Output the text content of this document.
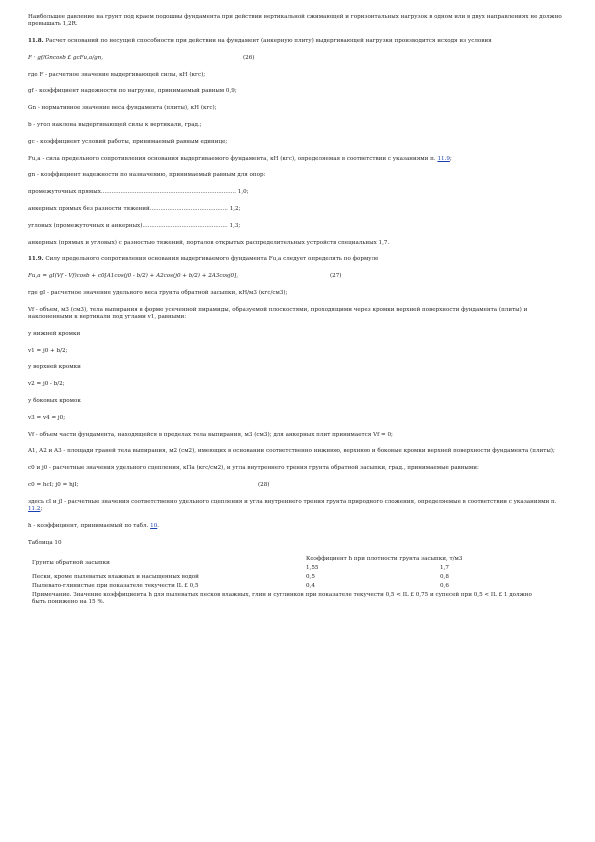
Наибольшее давление на грунт под краем подошвы фундамента при действии вертикальной сжимающей и горизонтальных нагрузок в одном или в двух направлениях не должно превышать 1,2R.
11.8. Расчет оснований по несущей способности при действии на фундамент (анкерную плиту) выдергивающей нагрузки производится исходя из условия
F · gf/Gncosb £ gcFu,a/gn,	(26)
где F - расчетное значение выдергивающей силы, кН (кгс);
gf - коэффициент надежности по нагрузке, принимаемый равным 0,9;
Gn - нормативное значение веса фундамента (плиты), кН (кгс);
b - угол наклона выдергивающей силы к вертикали, град.;
gc - коэффициент условий работы, принимаемый равным единице;
Fu,a - сила предельного сопротивления основания выдергиваемого фундамента, кН (кгс), определяемая в соответствии с указаниями п. 11.9;
gn - коэффициент надежности по назначению, принимаемый равным для опор:
промежуточных прямых............................................................................ 1,0;
анкерных прямых без разности тяжений............................................ 1,2;
угловых (промежуточных и анкерных)................................................ 1,3;
анкерных (прямых и угловых) с разностью тяжений, порталов открытых распределительных устройств специальных 1,7.
11.9. Силу предельного сопротивления основания выдергиваемого фундамента Fu,a следует определять по формуле
Fu,a = gI(Vf - Vf)cosb + c0[A1cos(j0 - b/2) + A2cos(j0 + b/2) + 2A3cosj0],	(27)
где gI - расчетное значение удельного веса грунта обратной засыпки, кН/м3 (кгс/см3);
Vf - объем, м3 (см3), тела выпирания в форме усеченной пирамиды, образуемой плоскостями, проходящими через кромки верхней поверхности фундамента (плиты) и наклоненными к вертикали под углами v1, равными:
у нижней кромки
v1 = j0 + b/2;
у верхней кромки
v2 = j0 - b/2;
у боковых кромок
v3 = v4 = j0;
Vf - объем части фундамента, находящейся в пределах тела выпирания, м3 (см3); для анкерных плит принимается Vf = 0;
A1, A2 и A3 - площади граней тела выпирания, м2 (см2), имеющих в основании соответственно нижнюю, верхнюю и боковые кромки верхней поверхности фундамента (плиты);
c0 и j0 - расчетные значения удельного сцепления, кПа (кгс/см2), и угла внутреннего трения грунта обратной засыпки, град., принимаемые равными:
c0 = hcI; j0 = hjI;	(28)
здесь cI и jI - расчетные значения соответственно удельного сцепления и угла внутреннего трения грунта природного сложения, определяемые в соответствии с указаниями п. 11.2;
h - коэффициент, принимаемый по табл. 10.
Таблица 10
Грунты обратной засыпки	Коэффициент h при плотности грунта засыпки, т/м3	
	1,55	1,7
Пески, кроме пылеватых влажных и насыщенных водой	0,5	0,8
Пылевато-глинистые при показателе текучести IL £ 0,5	0,4	0,6
Примечание. Значение коэффициента h для пылеватых песков влажных, глин и суглинков при показателе текучести 0,5 < IL £ 0,75 и супесей при 0,5 < IL £ 1 должно быть понижено на 15 %.		
